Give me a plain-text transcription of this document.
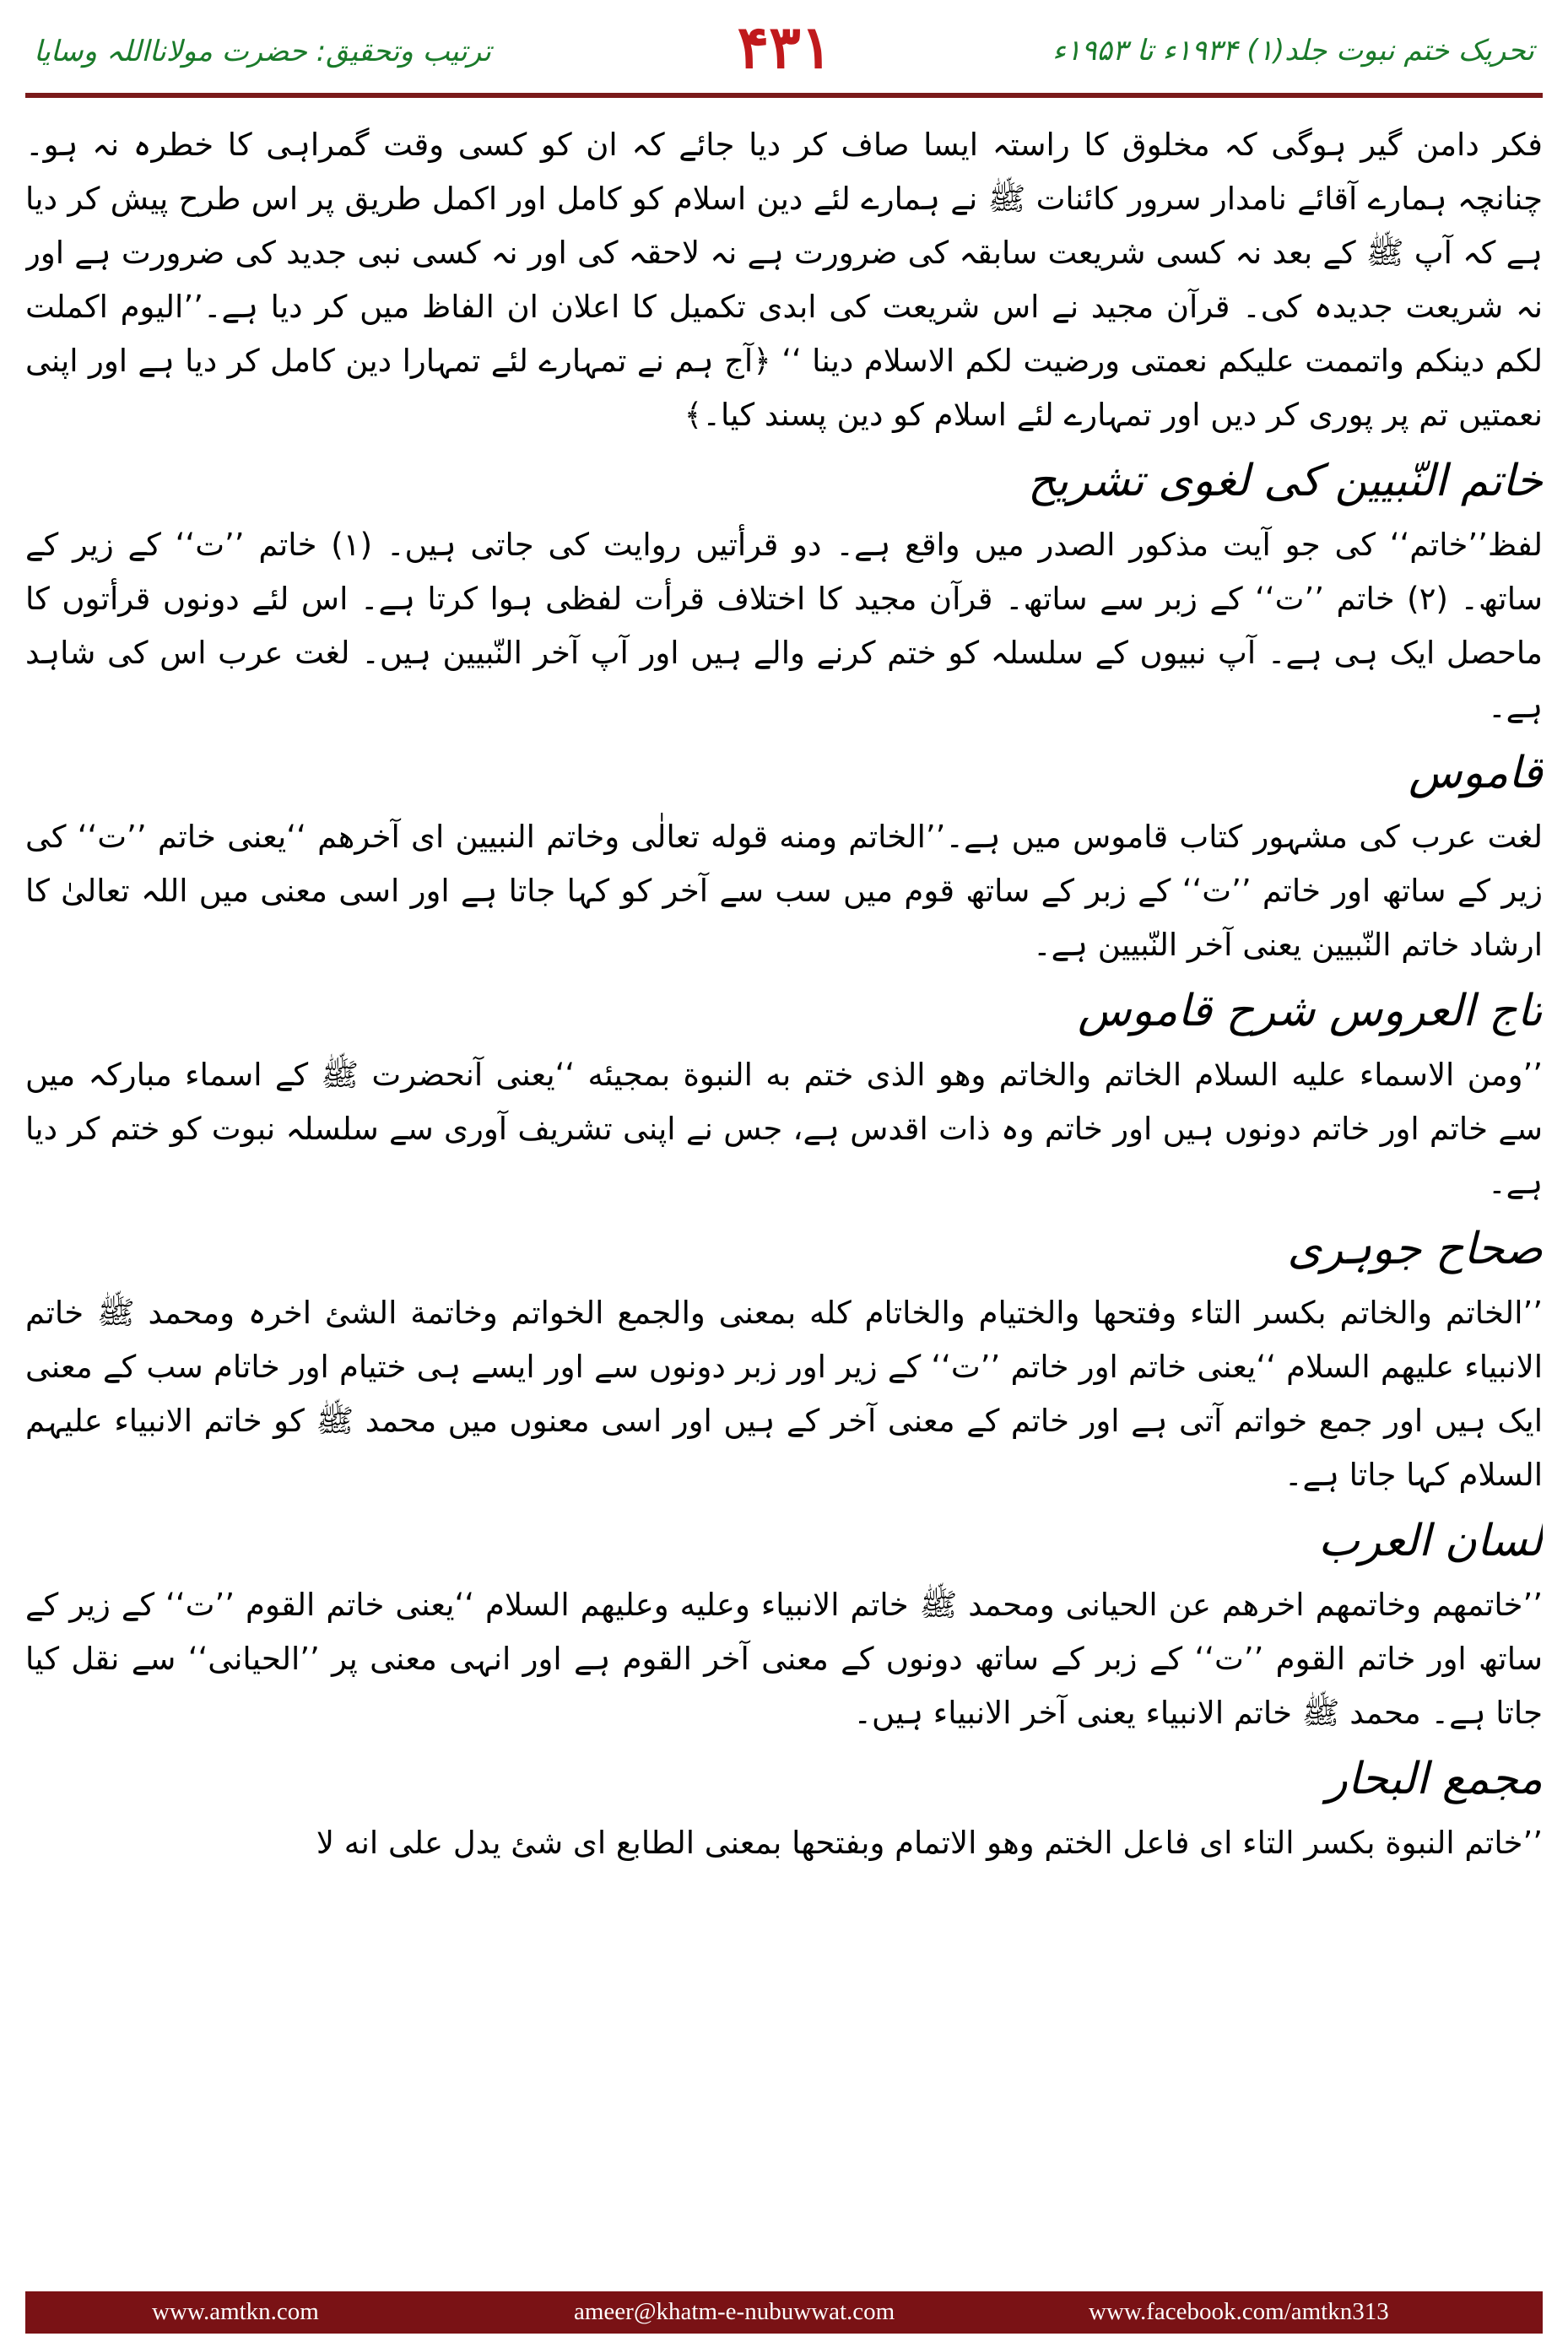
ترتیب وتحقیق: حضرت مولانااللہ وسایا	۴۳۱	تحریک ختم نبوت جلد(۱) ۱۹۳۴ء تا ۱۹۵۳ء

فکر دامن گیر ہوگی کہ مخلوق کا راستہ ایسا صاف کر دیا جائے کہ ان کو کسی وقت گمراہی کا خطرہ نہ ہو۔ چنانچہ ہمارے آقائے نامدار سرور کائنات ﷺ نے ہمارے لئے دین اسلام کو کامل اور اکمل طریق پر اس طرح پیش کر دیا ہے کہ آپ ﷺ کے بعد نہ کسی شریعت سابقہ کی ضرورت ہے نہ لاحقہ کی اور نہ کسی نبی جدید کی ضرورت ہے اور نہ شریعت جدیدہ کی۔ قرآن مجید نے اس شریعت کی ابدی تکمیل کا اعلان ان الفاظ میں کر دیا ہے۔’’الیوم اکملت لکم دینکم واتممت علیکم نعمتی ورضیت لکم الاسلام دینا ‘‘ ﴿آج ہم نے تمہارے لئے تمہارا دین کامل کر دیا ہے اور اپنی نعمتیں تم پر پوری کر دیں اور تمہارے لئے اسلام کو دین پسند کیا۔﴾

خاتم النّبیین کی لغوی تشریح

لفظ’’خاتم‘‘ کی جو آیت مذکور الصدر میں واقع ہے۔ دو قرأتیں روایت کی جاتی ہیں۔ (۱) خاتم ’’ت‘‘ کے زیر کے ساتھ۔ (۲) خاتم ’’ت‘‘ کے زبر سے ساتھ۔ قرآن مجید کا اختلاف قرأت لفظی ہوا کرتا ہے۔ اس لئے دونوں قرأتوں کا ماحصل ایک ہی ہے۔ آپ نبیوں کے سلسلہ کو ختم کرنے والے ہیں اور آپ آخر النّبیین ہیں۔ لغت عرب اس کی شاہد ہے۔

قاموس

لغت عرب کی مشہور کتاب قاموس میں ہے۔’’الخاتم ومنه قوله تعالٰی وخاتم النبیین ای آخرھم ‘‘یعنی خاتم ’’ت‘‘ کی زیر کے ساتھ اور خاتم ’’ت‘‘ کے زبر کے ساتھ قوم میں سب سے آخر کو کہا جاتا ہے اور اسی معنی میں اللہ تعالیٰ کا ارشاد خاتم النّبیین یعنی آخر النّبیین ہے۔

تاج العروس شرح قاموس

’’ومن الاسماء علیه السلام الخاتم والخاتم وھو الذی ختم به النبوة بمجیئه ‘‘یعنی آنحضرت ﷺ کے اسماء مبارکہ میں سے خاتم اور خاتم دونوں ہیں اور خاتم وہ ذات اقدس ہے، جس نے اپنی تشریف آوری سے سلسلہ نبوت کو ختم کر دیا ہے۔

صحاح جوہری

’’الخاتم والخاتم بکسر التاء وفتحھا والختیام والخاتام کله بمعنی والجمع الخواتم وخاتمة الشئ اخرہ ومحمد ﷺ خاتم الانبیاء علیھم السلام ‘‘یعنی خاتم اور خاتم ’’ت‘‘ کے زیر اور زبر دونوں سے اور ایسے ہی ختیام اور خاتام سب کے معنی ایک ہیں اور جمع خواتم آتی ہے اور خاتم کے معنی آخر کے ہیں اور اسی معنوں میں محمد ﷺ کو خاتم الانبیاء علیہم السلام کہا جاتا ہے۔

لسان العرب

’’خاتمھم وخاتمھم اخرھم عن الحیانی ومحمد ﷺ خاتم الانبیاء وعلیه وعلیھم السلام ‘‘یعنی خاتم القوم ’’ت‘‘ کے زیر کے ساتھ اور خاتم القوم ’’ت‘‘ کے زبر کے ساتھ دونوں کے معنی آخر القوم ہے اور انہی معنی پر ’’الحیانی‘‘ سے نقل کیا جاتا ہے۔ محمد ﷺ خاتم الانبیاء یعنی آخر الانبیاء ہیں۔

مجمع البحار

’’خاتم النبوة بکسر التاء ای فاعل الختم وھو الاتمام وبفتحھا بمعنی الطابع ای شئ یدل علی انه لا

www.amtkn.com	ameer@khatm-e-nubuwwat.com	www.facebook.com/amtkn313
